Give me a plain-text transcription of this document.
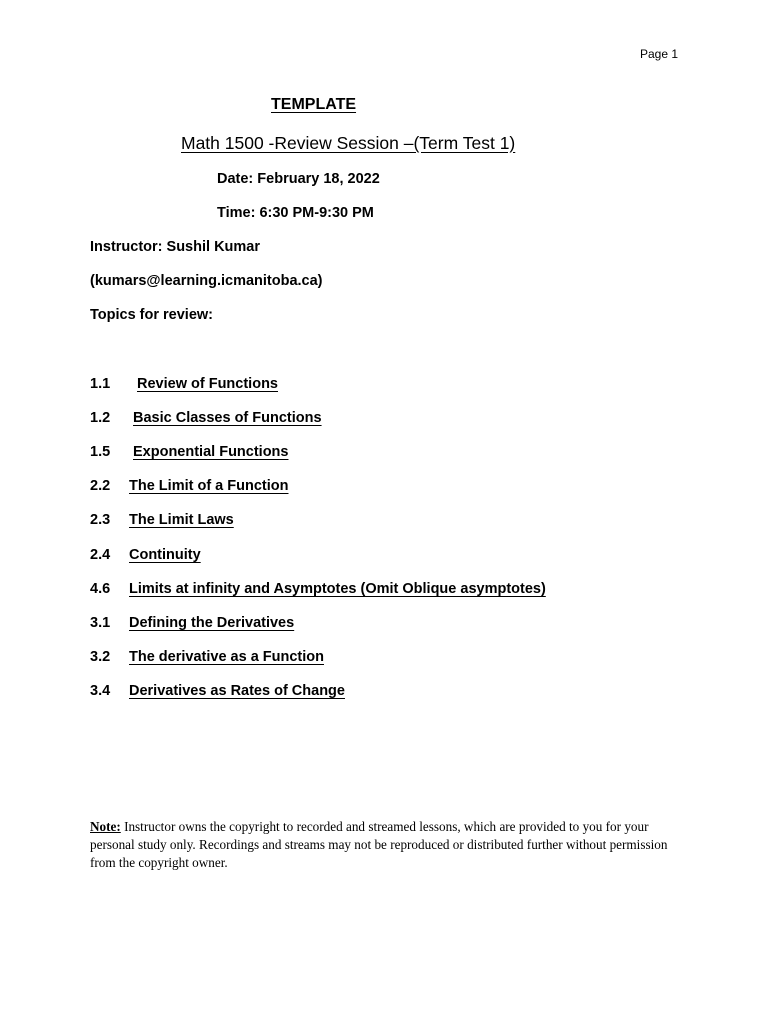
Page 1
TEMPLATE
Math 1500 -Review Session –(Term Test 1)
Date: February 18, 2022
Time: 6:30 PM-9:30 PM
Instructor: Sushil Kumar
(kumars@learning.icmanitoba.ca)
Topics for review:
1.1 Review of Functions
1.2 Basic Classes of Functions
1.5 Exponential Functions
2.2 The Limit of a Function
2.3 The Limit Laws
2.4 Continuity
4.6 Limits at infinity and Asymptotes (Omit Oblique asymptotes)
3.1 Defining the Derivatives
3.2 The derivative as a Function
3.4 Derivatives as Rates of Change
Note: Instructor owns the copyright to recorded and streamed lessons, which are provided to you for your personal study only. Recordings and streams may not be reproduced or distributed further without permission from the copyright owner.
